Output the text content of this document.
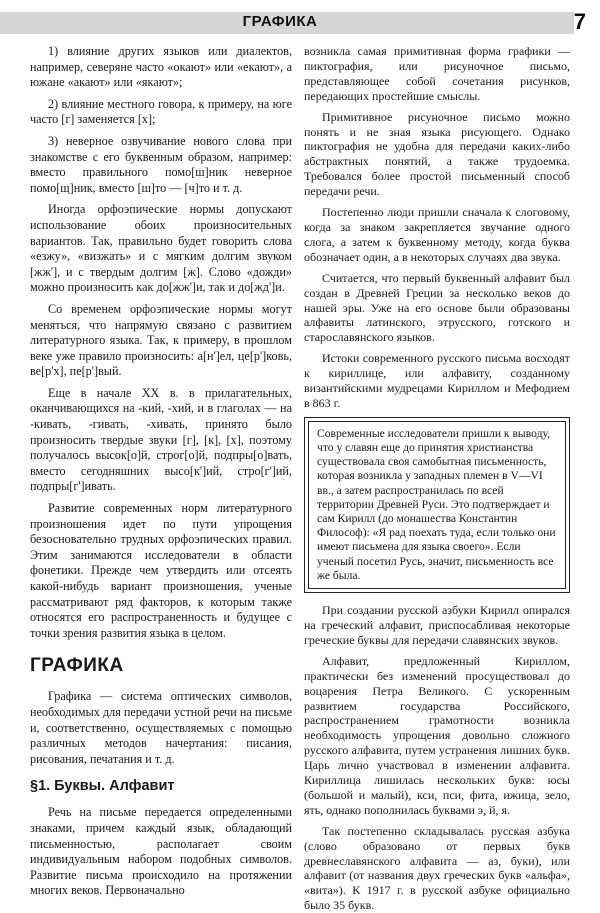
ГРАФИКА	7

1) влияние других языков или диалектов, например, северяне часто «окают» или «екают», а южане «акают» или «якают»;

2) влияние местного говора, к примеру, на юге часто [г] заменяется [х];

3) неверное озвучивание нового слова при знакомстве с его буквенным образом, например: вместо правильного помо[ш]ник неверное помо[щ]ник, вместо [ш]то — [ч]то и т. д.

Иногда орфоэпические нормы допускают использование обоих произносительных вариантов. Так, правильно будет говорить слова «езжу», «визжать» и с мягким долгим звуком [жж'], и с твердым долгим [ж]. Слово «дожди» можно произносить как до[жж']и, так и до[жд']и.

Со временем орфоэпические нормы могут меняться, что напрямую связано с развитием литературного языка. Так, к примеру, в прошлом веке уже правило произносить: а[н']ел, це[р']ковь, ве[р'х], пе[р']вый.

Еще в начале ХХ в. в прилагательных, оканчивающихся на -кий, -хий, и в глаголах — на -кивать, -гивать, -хивать, принято было произносить твердые звуки [г], [к], [х], поэтому получалось высок[о]й, строг[о]й, подпры[о]вать, вместо сегодняшних высо[к']ий, стро[г']ий, подпры[г']ивать.

Развитие современных норм литературного произношения идет по пути упрощения безосновательно трудных орфоэпических правил. Этим занимаются исследователи в области фонетики. Прежде чем утвердить или отсеять какой-нибудь вариант произношения, ученые рассматривают ряд факторов, к которым также относятся его распространенность и будущее с точки зрения развития языка в целом.

ГРАФИКА

Графика — система оптических символов, необходимых для передачи устной речи на письме и, соответственно, осуществляемых с помощью различных методов начертания: писания, рисования, печатания и т. д.

§1. Буквы. Алфавит

Речь на письме передается определенными знаками, причем каждый язык, обладающий письменностью, располагает своим индивидуальным набором подобных символов. Развитие письма происходило на протяжении многих веков. Первоначально

возникла самая примитивная форма графики — пиктография, или рисуночное письмо, представляющее собой сочетания рисунков, передающих простейшие смыслы.

Примитивное рисуночное письмо можно понять и не зная языка рисующего. Однако пиктография не удобна для передачи каких-либо абстрактных понятий, а также трудоемка. Требовался более простой письменный способ передачи речи.

Постепенно люди пришли сначала к слоговому, когда за знаком закрепляется звучание одного слога, а затем к буквенному методу, когда буква обозначает один, а в некоторых случаях два звука.

Считается, что первый буквенный алфавит был создан в Древней Греции за несколько веков до нашей эры. Уже на его основе были образованы алфавиты латинского, этрусского, готского и старославянского языков.

Истоки современного русского письма восходят к кириллице, или алфавиту, созданному византийскими мудрецами Кириллом и Мефодием в 863 г.

Современные исследователи пришли к выводу, что у славян еще до принятия христианства существовала своя самобытная письменность, которая возникла у западных племен в V—VI вв., а затем распространилась по всей территории Древней Руси. Это подтверждает и сам Кирилл (до монашества Константин Философ): «Я рад поехать туда, если только они имеют письмена для языка своего». Если ученый посетил Русь, значит, письменность все же была.

При создании русской азбуки Кирилл опирался на греческий алфавит, приспосабливая некоторые греческие буквы для передачи славянских звуков.

Алфавит, предложенный Кириллом, практически без изменений просуществовал до воцарения Петра Великого. С ускоренным развитием государства Российского, распространением грамотности возникла необходимость упрощения довольно сложного русского алфавита, путем устранения лишних букв. Царь лично участвовал в изменении алфавита. Кириллица лишилась нескольких букв: юсы (большой и малый), кси, пси, фита, ижица, зело, ять, однако пополнилась буквами э, й, я.

Так постепенно складывалась русская азбука (слово образовано от первых букв древнеславянского алфавита — аз, буки), или алфавит (от названия двух греческих букв «альфа», «вита»). К 1917 г. в русской азбуке официально было 35 букв.
